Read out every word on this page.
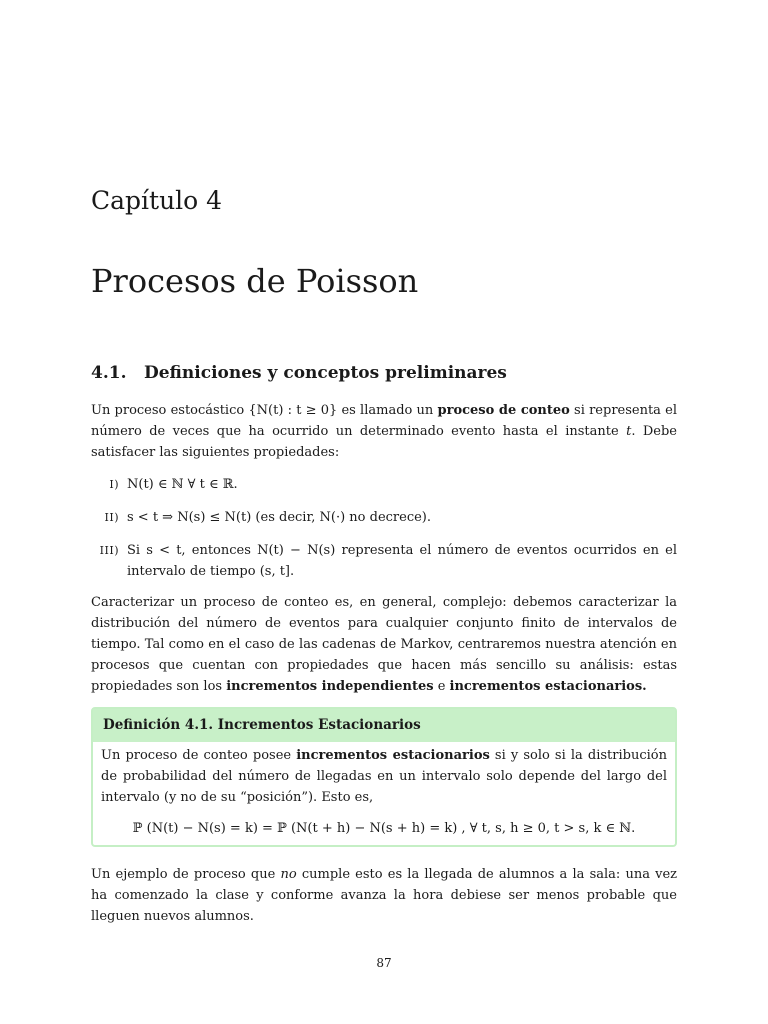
Capítulo 4
Procesos de Poisson
4.1. Definiciones y conceptos preliminares
Un proceso estocástico {N(t) : t ≥ 0} es llamado un proceso de conteo si representa el número de veces que ha ocurrido un determinado evento hasta el instante t. Debe satisfacer las siguientes propiedades:
I) N(t) ∈ ℕ ∀ t ∈ ℝ.
II) s < t ⇒ N(s) ≤ N(t) (es decir, N(·) no decrece).
III) Si s < t, entonces N(t) − N(s) representa el número de eventos ocurridos en el intervalo de tiempo (s, t].
Caracterizar un proceso de conteo es, en general, complejo: debemos caracterizar la distribución del número de eventos para cualquier conjunto finito de intervalos de tiempo. Tal como en el caso de las cadenas de Markov, centraremos nuestra atención en procesos que cuentan con propiedades que hacen más sencillo su análisis: estas propiedades son los incrementos independientes e incrementos estacionarios.
Definición 4.1. Incrementos Estacionarios
Un proceso de conteo posee incrementos estacionarios si y solo si la distribución de probabilidad del número de llegadas en un intervalo solo depende del largo del intervalo (y no de su “posición”). Esto es,
ℙ (N(t) − N(s) = k) = ℙ (N(t + h) − N(s + h) = k) , ∀ t, s, h ≥ 0, t > s, k ∈ ℕ.
Un ejemplo de proceso que no cumple esto es la llegada de alumnos a la sala: una vez ha comenzado la clase y conforme avanza la hora debiese ser menos probable que lleguen nuevos alumnos.
87
